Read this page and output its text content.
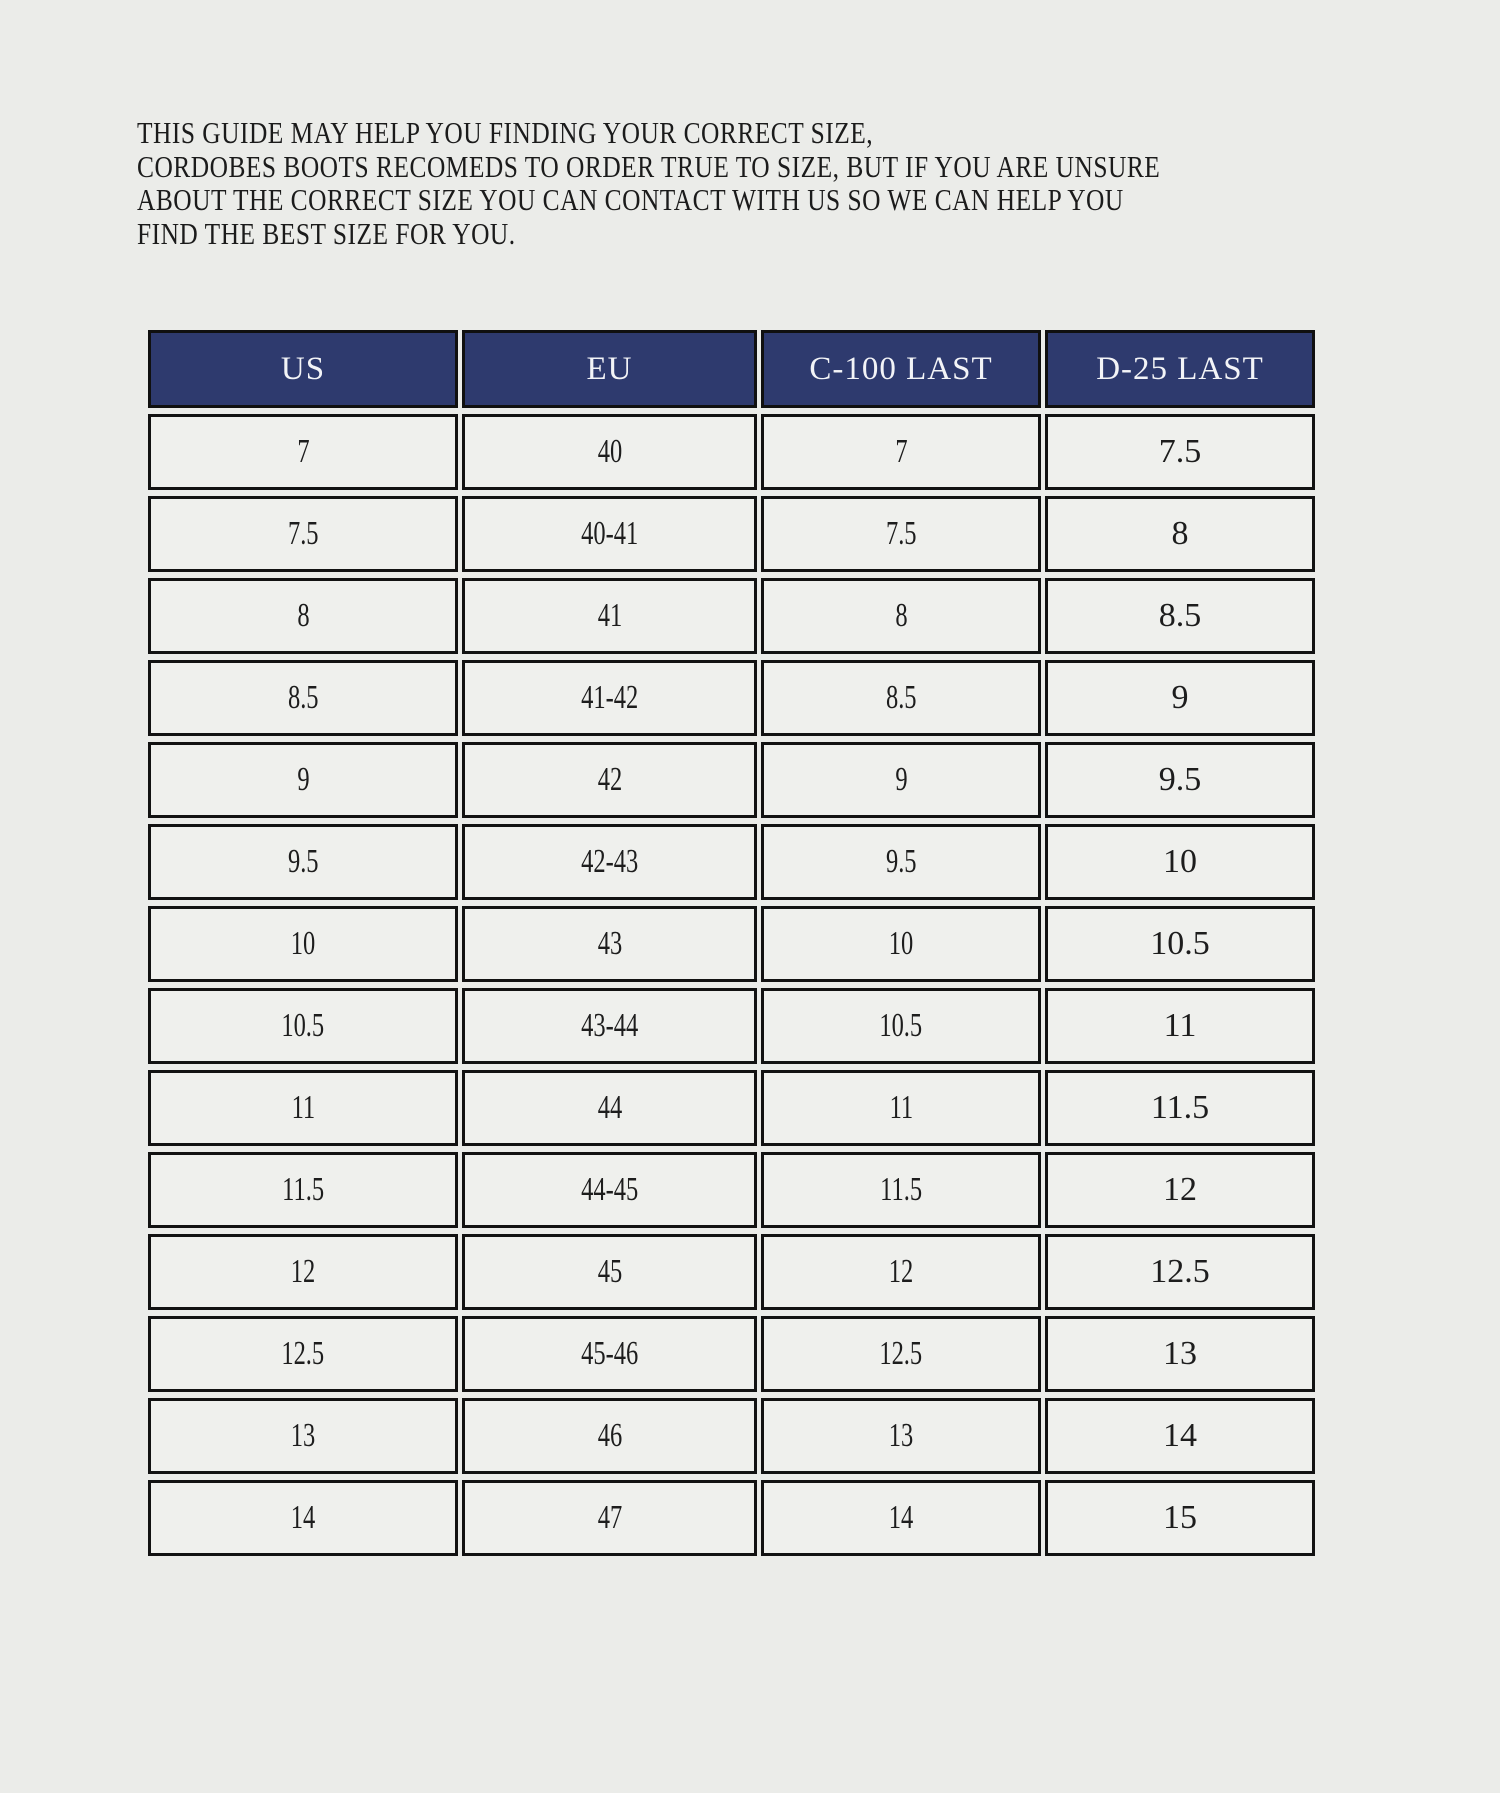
THIS GUIDE MAY HELP YOU FINDING YOUR CORRECT SIZE,
CORDOBES BOOTS RECOMEDS TO ORDER TRUE TO SIZE, BUT IF YOU ARE UNSURE
ABOUT THE CORRECT SIZE YOU CAN CONTACT WITH US SO WE CAN HELP YOU
FIND THE BEST SIZE FOR YOU.
US	EU	C-100 LAST	D-25 LAST
7	40	7	7.5
7.5	40-41	7.5	8
8	41	8	8.5
8.5	41-42	8.5	9
9	42	9	9.5
9.5	42-43	9.5	10
10	43	10	10.5
10.5	43-44	10.5	11
11	44	11	11.5
11.5	44-45	11.5	12
12	45	12	12.5
12.5	45-46	12.5	13
13	46	13	14
14	47	14	15
